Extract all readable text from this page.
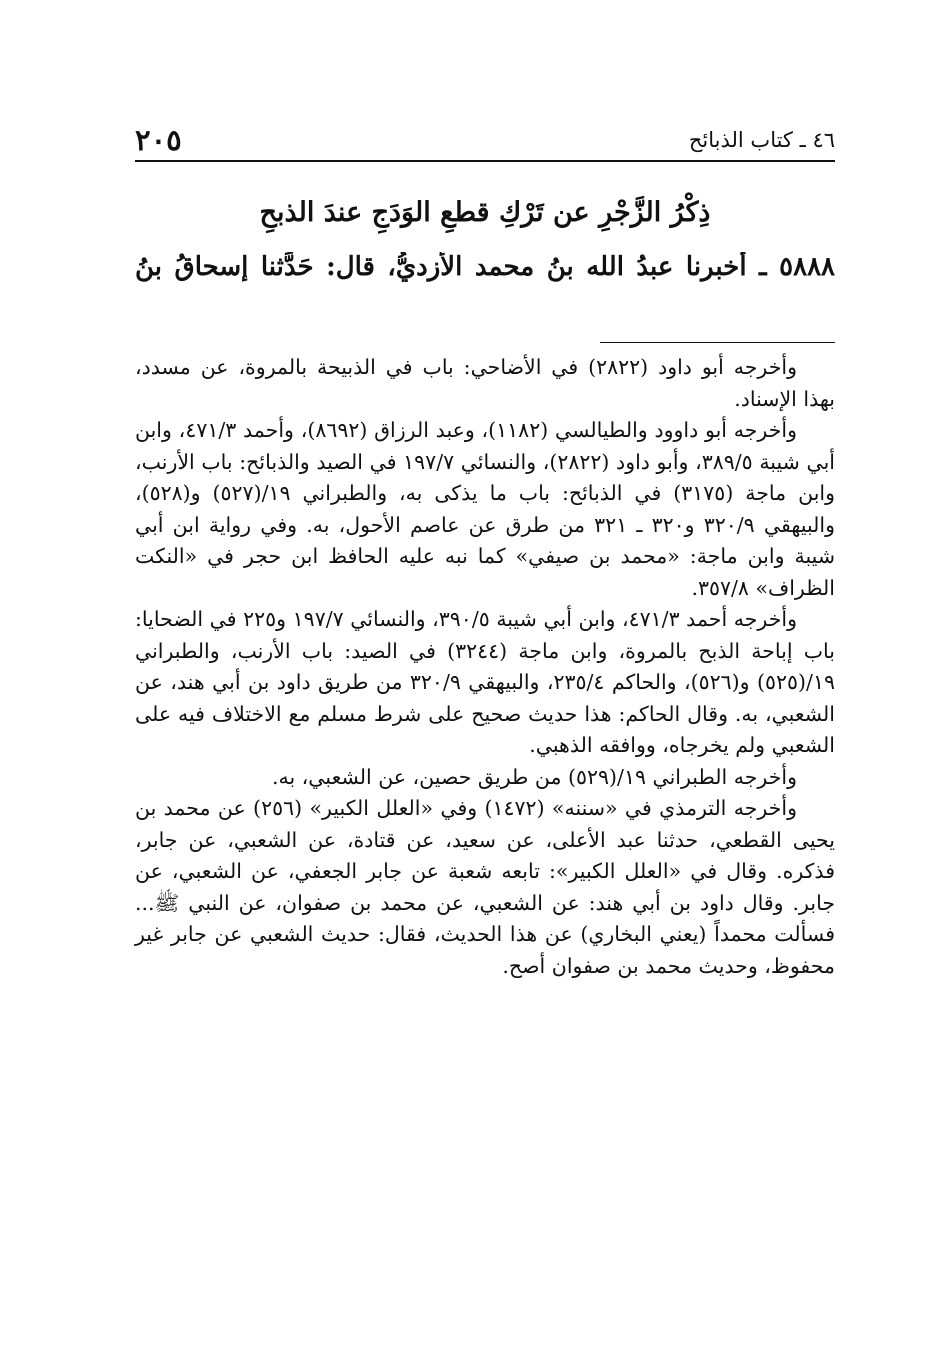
٤٦ ـ كتاب الذبائح
٢٠٥
ذِكْرُ الزَّجْرِ عن تَرْكِ قطعِ الوَدَجِ عندَ الذبحِ
٥٨٨٨ ـ أخبرنا عبدُ الله بنُ محمد الأزديُّ، قال: حَدَّثنا إسحاقُ بنُ

وأخرجه أبو داود (٢٨٢٢) في الأضاحي: باب في الذبيحة بالمروة، عن مسدد، بهذا الإسناد.

وأخرجه أبو داوود والطيالسي (١١٨٢)، وعبد الرزاق (٨٦٩٢)، وأحمد ٤٧١/٣، وابن أبي شيبة ٣٨٩/٥، وأبو داود (٢٨٢٢)، والنسائي ١٩٧/٧ في الصيد والذبائح: باب الأرنب، وابن ماجة (٣١٧٥) في الذبائح: باب ما يذكى به، والطبراني ١٩/(٥٢٧) و(٥٢٨)، والبيهقي ٣٢٠/٩ و٣٢٠ ـ ٣٢١ من طرق عن عاصم الأحول، به. وفي رواية ابن أبي شيبة وابن ماجة: «محمد بن صيفي» كما نبه عليه الحافظ ابن حجر في «النكت الظراف» ٣٥٧/٨.

وأخرجه أحمد ٤٧١/٣، وابن أبي شيبة ٣٩٠/٥، والنسائي ١٩٧/٧ و٢٢٥ في الضحايا: باب إباحة الذبح بالمروة، وابن ماجة (٣٢٤٤) في الصيد: باب الأرنب، والطبراني ١٩/(٥٢٥) و(٥٢٦)، والحاكم ٢٣٥/٤، والبيهقي ٣٢٠/٩ من طريق داود بن أبي هند، عن الشعبي، به. وقال الحاكم: هذا حديث صحيح على شرط مسلم مع الاختلاف فيه على الشعبي ولم يخرجاه، ووافقه الذهبي.

وأخرجه الطبراني ١٩/(٥٢٩) من طريق حصين، عن الشعبي، به.

وأخرجه الترمذي في «سننه» (١٤٧٢) وفي «العلل الكبير» (٢٥٦) عن محمد بن يحيى القطعي، حدثنا عبد الأعلى، عن سعيد، عن قتادة، عن الشعبي، عن جابر، فذكره. وقال في «العلل الكبير»: تابعه شعبة عن جابر الجعفي، عن الشعبي، عن جابر. وقال داود بن أبي هند: عن الشعبي، عن محمد بن صفوان، عن النبي ﷺ... فسألت محمداً (يعني البخاري) عن هذا الحديث، فقال: حديث الشعبي عن جابر غير محفوظ، وحديث محمد بن صفوان أصح.
